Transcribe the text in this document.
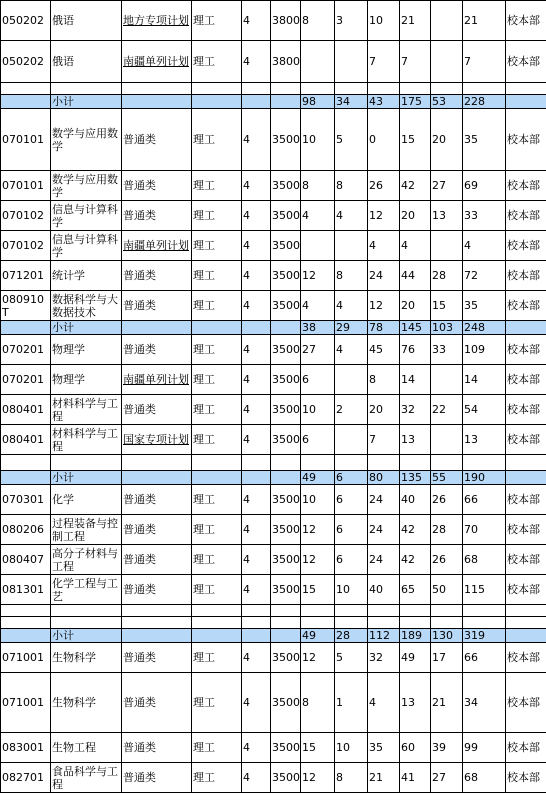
050202	俄语	地方专项计划	理工	4	3800	8	3	10	21		21	校本部
050202	俄语	南疆单列计划	理工	4	3800			7	7		7	校本部

	小计					98	34	43	175	53	228	
070101	数学与应用数学	普通类	理工	4	3500	10	5	0	15	20	35	校本部
070101	数学与应用数学	普通类	理工	4	3500	8	8	26	42	27	69	校本部
070102	信息与计算科学	普通类	理工	4	3500	4	4	12	20	13	33	校本部
070102	信息与计算科学	南疆单列计划	理工	4	3500			4	4		4	校本部
071201	统计学	普通类	理工	4	3500	12	8	24	44	28	72	校本部
080910T	数据科学与大数据技术	普通类	理工	4	3500	4	4	12	20	15	35	校本部
	小计					38	29	78	145	103	248	
070201	物理学	普通类	理工	4	3500	27	4	45	76	33	109	校本部
070201	物理学	南疆单列计划	理工	4	3500	6		8	14		14	校本部
080401	材料科学与工程	普通类	理工	4	3500	10	2	20	32	22	54	校本部
080401	材料科学与工程	国家专项计划	理工	4	3500	6		7	13		13	校本部

	小计					49	6	80	135	55	190	
070301	化学	普通类	理工	4	3500	10	6	24	40	26	66	校本部
080206	过程装备与控制工程	普通类	理工	4	3500	12	6	24	42	28	70	校本部
080407	高分子材料与工程	普通类	理工	4	3500	12	6	24	42	26	68	校本部
081301	化学工程与工艺	普通类	理工	4	3500	15	10	40	65	50	115	校本部

	小计					49	28	112	189	130	319	
071001	生物科学	普通类	理工	4	3500	12	5	32	49	17	66	校本部
071001	生物科学	普通类	理工	4	3500	8	1	4	13	21	34	校本部
083001	生物工程	普通类	理工	4	3500	15	10	35	60	39	99	校本部
082701	食品科学与工程	普通类	理工	4	3500	12	8	21	41	27	68	校本部
